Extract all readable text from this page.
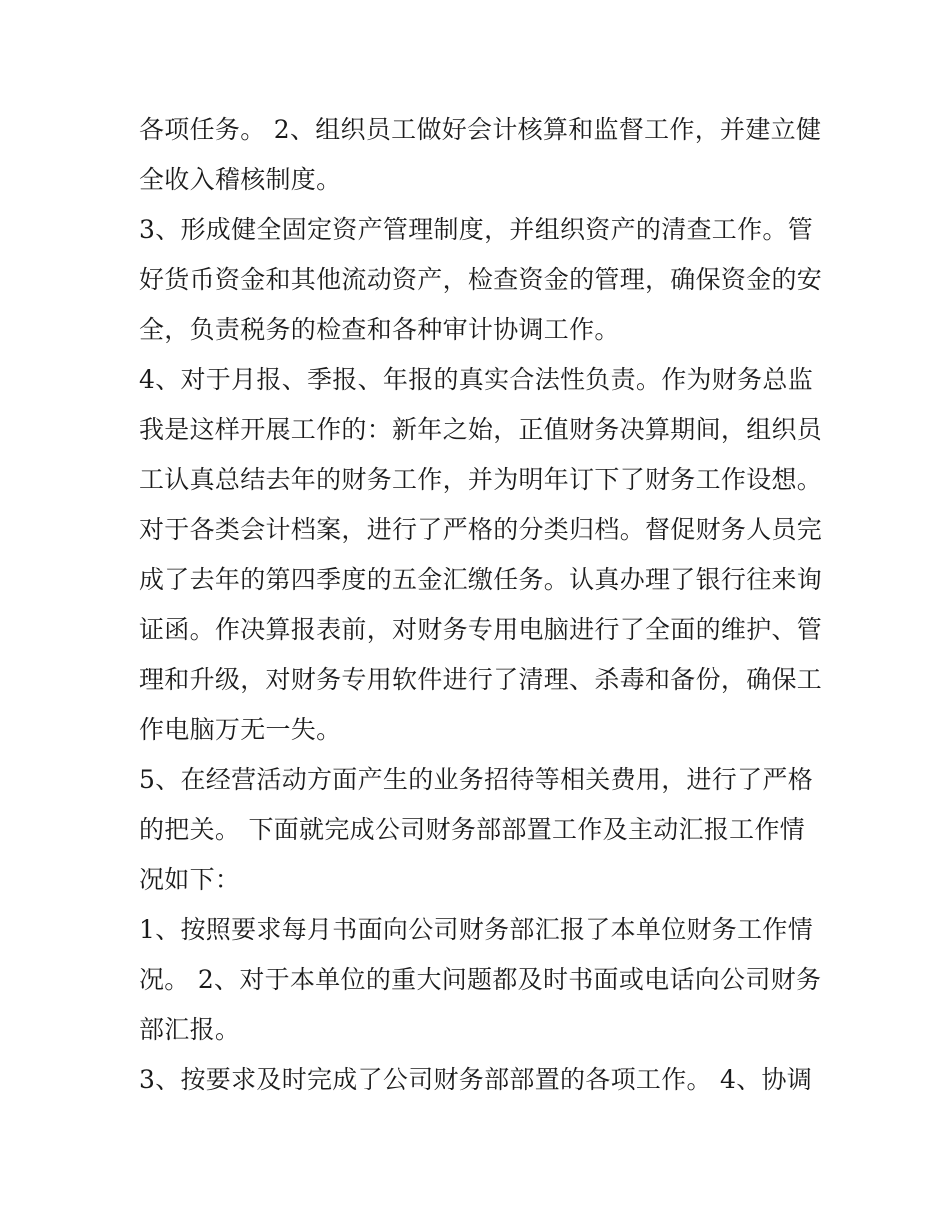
各项任务。 2、组织员工做好会计核算和监督工作，并建立健
全收入稽核制度。
3、形成健全固定资产管理制度，并组织资产的清查工作。管
好货币资金和其他流动资产，检查资金的管理，确保资金的安
全，负责税务的检查和各种审计协调工作。
4、对于月报、季报、年报的真实合法性负责。作为财务总监
我是这样开展工作的：新年之始，正值财务决算期间，组织员
工认真总结去年的财务工作，并为明年订下了财务工作设想。
对于各类会计档案，进行了严格的分类归档。督促财务人员完
成了去年的第四季度的五金汇缴任务。认真办理了银行往来询
证函。作决算报表前，对财务专用电脑进行了全面的维护、管
理和升级，对财务专用软件进行了清理、杀毒和备份，确保工
作电脑万无一失。
5、在经营活动方面产生的业务招待等相关费用，进行了严格
的把关。 下面就完成公司财务部部置工作及主动汇报工作情
况如下：
1、按照要求每月书面向公司财务部汇报了本单位财务工作情
况。 2、对于本单位的重大问题都及时书面或电话向公司财务
部汇报。
3、按要求及时完成了公司财务部部置的各项工作。 4、协调
